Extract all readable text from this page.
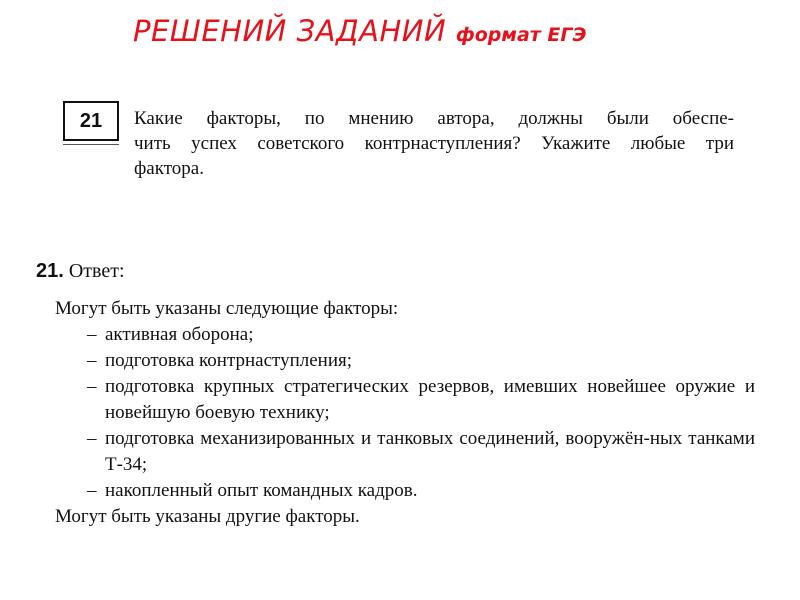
РЕШЕНИЙ ЗАДАНИЙ формат ЕГЭ
21	Какие факторы, по мнению автора, должны были обеспе-
чить успех советского контрнаступления? Укажите любые три
фактора.
21. Ответ:
Могут быть указаны следующие факторы:
– активная оборона;
– подготовка контрнаступления;
– подготовка крупных стратегических резервов, имевших новейшее оружие и новейшую боевую технику;
– подготовка механизированных и танковых соединений, вооружён-ных танками Т-34;
– накопленный опыт командных кадров.
Могут быть указаны другие факторы.
